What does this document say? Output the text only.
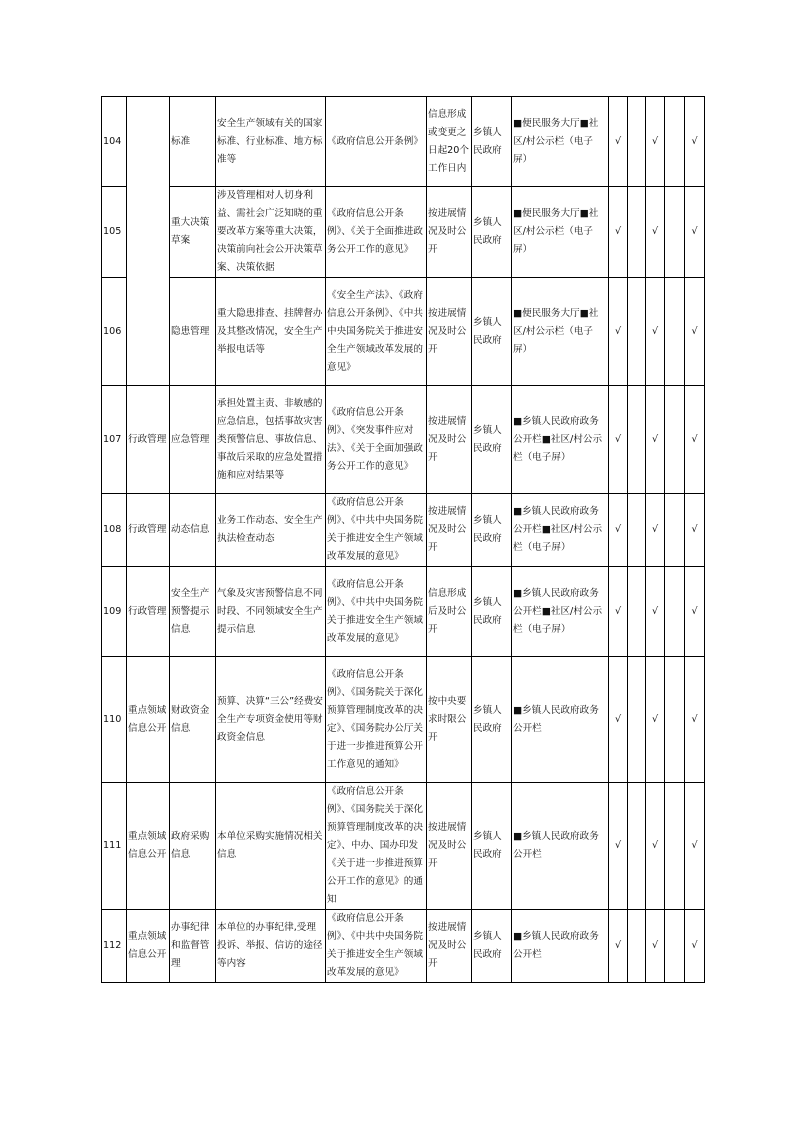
104		标准	安全生产领域有关的国家标准、行业标准、地方标准等	《政府信息公开条例》	信息形成或变更之日起20个工作日内	乡镇人民政府	■便民服务大厅■社区/村公示栏（电子屏）	√		√		√
105		重大决策草案	涉及管理相对人切身利益、需社会广泛知晓的重要改革方案等重大决策，决策前向社会公开决策草案、决策依据	《政府信息公开条例》、《关于全面推进政务公开工作的意见》	按进展情况及时公开	乡镇人民政府	■便民服务大厅■社区/村公示栏（电子屏）	√		√		√
106		隐患管理	重大隐患排查、挂牌督办及其整改情况，安全生产举报电话等	《安全生产法》、《政府信息公开条例》、《中共中央国务院关于推进安全生产领域改革发展的意见》	按进展情况及时公开	乡镇人民政府	■便民服务大厅■社区/村公示栏（电子屏）	√		√		√
107	行政管理	应急管理	承担处置主责、非敏感的应急信息，包括事故灾害类预警信息、事故信息、事故后采取的应急处置措施和应对结果等	《政府信息公开条例》、《突发事件应对法》、《关于全面加强政务公开工作的意见》	按进展情况及时公开	乡镇人民政府	■乡镇人民政府政务公开栏■社区/村公示栏（电子屏）	√		√		√
108	行政管理	动态信息	业务工作动态、安全生产执法检查动态	《政府信息公开条例》、《中共中央国务院关于推进安全生产领域改革发展的意见》	按进展情况及时公开	乡镇人民政府	■乡镇人民政府政务公开栏■社区/村公示栏（电子屏）	√		√		√
109	行政管理	安全生产预警提示信息	气象及灾害预警信息不同时段、不同领域安全生产提示信息	《政府信息公开条例》、《中共中央国务院关于推进安全生产领域改革发展的意见》	信息形成后及时公开	乡镇人民政府	■乡镇人民政府政务公开栏■社区/村公示栏（电子屏）	√		√		√
110	重点领域信息公开	财政资金信息	预算、决算“三公”经费安全生产专项资金使用等财政资金信息	《政府信息公开条例》、《国务院关于深化预算管理制度改革的决定》、《国务院办公厅关于进一步推进预算公开工作意见的通知》	按中央要求时限公开	乡镇人民政府	■乡镇人民政府政务公开栏	√		√		√
111	重点领域信息公开	政府采购信息	本单位采购实施情况相关信息	《政府信息公开条例》、《国务院关于深化预算管理制度改革的决定》、中办、国办印发《关于进一步推进预算公开工作的意见》的通知	按进展情况及时公开	乡镇人民政府	■乡镇人民政府政务公开栏	√		√		√
112	重点领域信息公开	办事纪律和监督管理	本单位的办事纪律,受理投诉、举报、信访的途径等内容	《政府信息公开条例》、《中共中央国务院关于推进安全生产领域改革发展的意见》	按进展情况及时公开	乡镇人民政府	■乡镇人民政府政务公开栏	√		√		√
